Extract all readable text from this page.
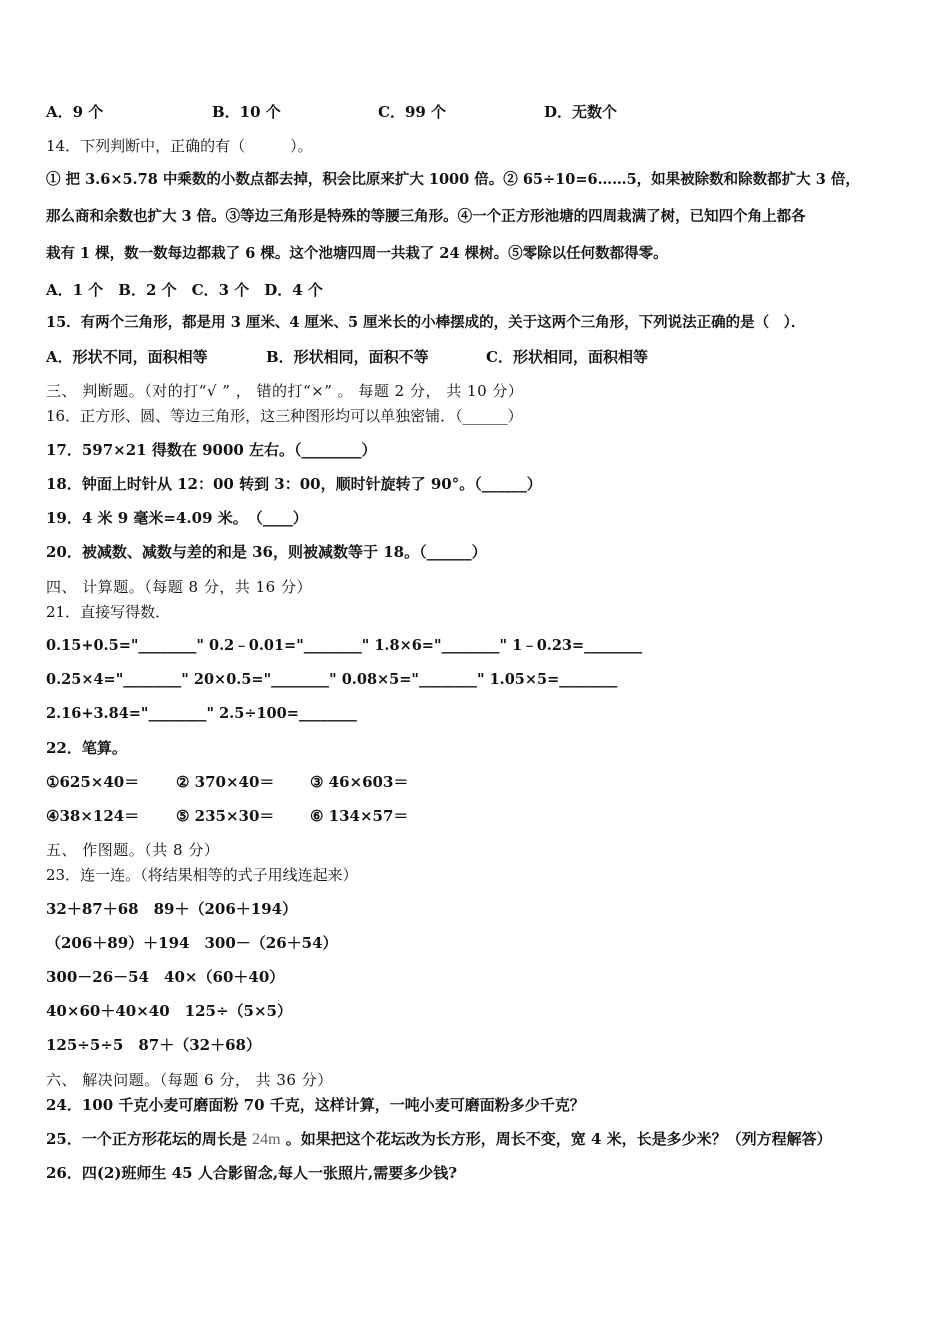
A．9 个	B．10 个	C．99 个	D．无数个
14．下列判断中，正确的有（　　　）。
① 把 3.6×5.78 中乘数的小数点都去掉，积会比原来扩大 1000 倍。② 65÷10=6……5，如果被除数和除数都扩大 3 倍，
那么商和余数也扩大 3 倍。③等边三角形是特殊的等腰三角形。④一个正方形池塘的四周栽满了树，已知四个角上都各
栽有 1 棵，数一数每边都栽了 6 棵。这个池塘四周一共栽了 24 棵树。⑤零除以任何数都得零。
A．1 个　B．2 个　C．3 个　D．4 个
15．有两个三角形，都是用 3 厘米、4 厘米、5 厘米长的小棒摆成的，关于这两个三角形，下列说法正确的是（　）．
A．形状不同，面积相等	B．形状相同，面积不等	C．形状相同，面积相等
三、 判断题。（对的打“√ ” ， 错的打“×” 。 每题 2 分， 共 10 分）
16．正方形、圆、等边三角形，这三种图形均可以单独密铺．（______）
17．597×21 得数在 9000 左右。（________）
18．钟面上时针从 12：00 转到 3：00，顺时针旋转了 90°。（______）
19．4 米 9 毫米=4.09 米。　（____）
20．被减数、减数与差的和是 36，则被减数等于 18。（______）
四、 计算题。（每题 8 分，共 16 分）
21．直接写得数．
0.15+0.5="________" 0.2﹣0.01="________" 1.8×6="________" 1﹣0.23=________
0.25×4="________" 20×0.5="________" 0.08×5="________" 1.05×5=________
2.16+3.84="________" 2.5÷100=________
22．笔算。
①625×40＝ ② 370×40＝ ③ 46×603＝
④38×124＝ ⑤ 235×30＝ ⑥ 134×57＝
五、 作图题。（共 8 分）
23．连一连。（将结果相等的式子用线连起来）
32＋87＋68　89＋（206＋194）
（206＋89）＋194　300－（26＋54）
300－26－54　40×（60＋40）
40×60＋40×40　125÷（5×5）
125÷5÷5　87＋（32＋68）
六、 解决问题。（每题 6 分， 共 36 分）
24．100 千克小麦可磨面粉 70 千克，这样计算，一吨小麦可磨面粉多少千克？
25．一个正方形花坛的周长是 24m 。如果把这个花坛改为长方形，周长不变，宽 4 米，长是多少米？（列方程解答）
26．四(2)班师生 45 人合影留念,每人一张照片,需要多少钱?
